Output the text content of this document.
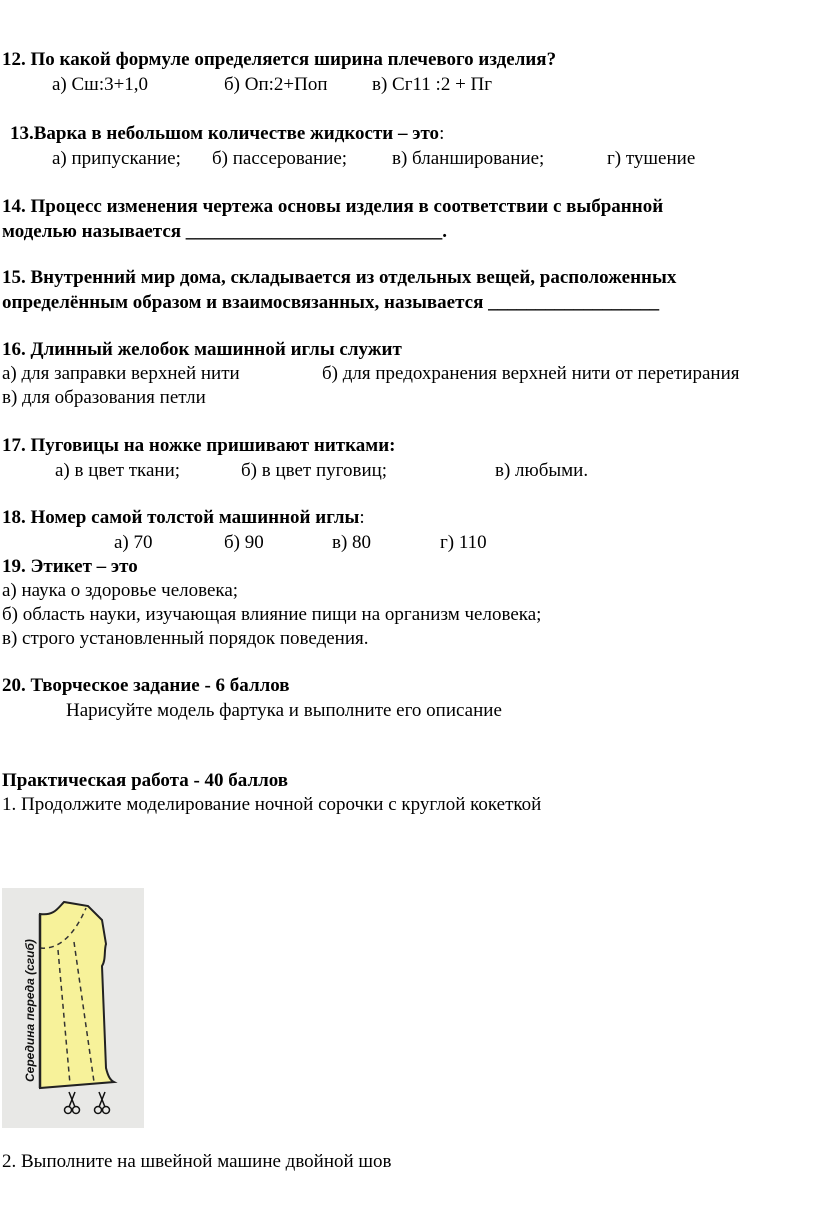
12. По какой формуле определяется ширина плечевого изделия?
а) Сш:3+1,0	б) Оп:2+Поп в) Сг11 :2 + Пг
13.Варка в небольшом количестве жидкости – это:
а) припускание; б) пассерование; в) бланширование;	г) тушение
14. Процесс изменения чертежа основы изделия в соответствии с выбранной
моделью называется ___________________________.
15. Внутренний мир дома, складывается из отдельных вещей, расположенных
определённым образом и взаимосвязанных, называется __________________
16. Длинный желобок машинной иглы служит
а) для заправки верхней нити	б) для предохранения верхней нити от перетирания
в) для образования петли
17. Пуговицы на ножке пришивают нитками:
а) в цвет ткани;	б) в цвет пуговиц;	в) любыми.
18. Номер самой толстой машинной иглы:
а) 70	б) 90	в) 80	г) 110
19. Этикет – это
а) наука о здоровье человека;
б) область науки, изучающая влияние пищи на организм человека;
в) строго установленный порядок поведения.
20. Творческое задание - 6 баллов
Нарисуйте модель фартука и выполните его описание
Практическая работа - 40 баллов
1. Продолжите моделирование ночной сорочки с круглой кокеткой
Середина переда (сгиб)
2. Выполните на швейной машине двойной шов
